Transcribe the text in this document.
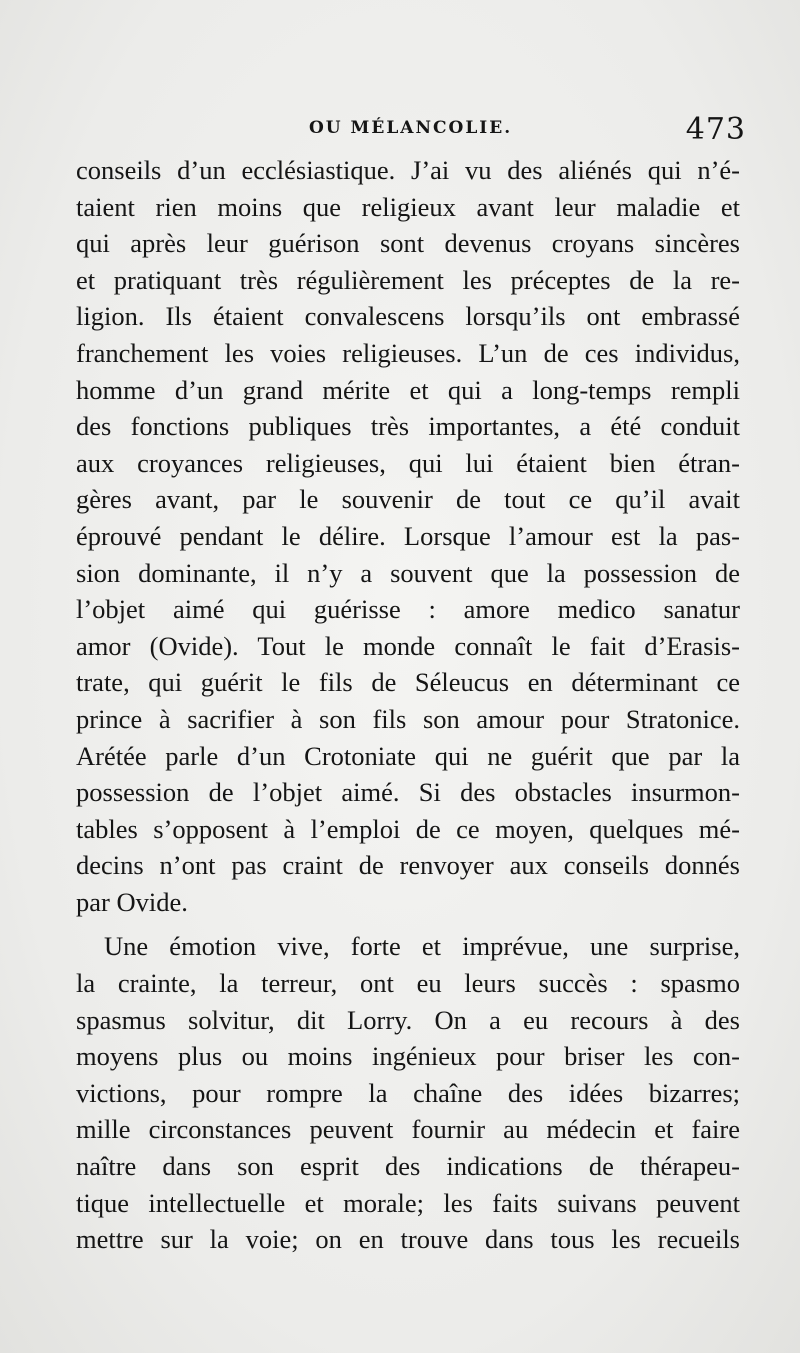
OU MÉLANCOLIE.	473
conseils d’un ecclésiastique. J’ai vu des aliénés qui n’é-
taient rien moins que religieux avant leur maladie et
qui après leur guérison sont devenus croyans sincères
et pratiquant très régulièrement les préceptes de la re-
ligion. Ils étaient convalescens lorsqu’ils ont embrassé
franchement les voies religieuses. L’un de ces individus,
homme d’un grand mérite et qui a long-temps rempli
des fonctions publiques très importantes, a été conduit
aux croyances religieuses, qui lui étaient bien étran-
gères avant, par le souvenir de tout ce qu’il avait
éprouvé pendant le délire. Lorsque l’amour est la pas-
sion dominante, il n’y a souvent que la possession de
l’objet aimé qui guérisse : amore medico sanatur
amor (Ovide). Tout le monde connaît le fait d’Erasis-
trate, qui guérit le fils de Séleucus en déterminant ce
prince à sacrifier à son fils son amour pour Stratonice.
Arétée parle d’un Crotoniate qui ne guérit que par la
possession de l’objet aimé. Si des obstacles insurmon-
tables s’opposent à l’emploi de ce moyen, quelques mé-
decins n’ont pas craint de renvoyer aux conseils donnés
par Ovide.
Une émotion vive, forte et imprévue, une surprise,
la crainte, la terreur, ont eu leurs succès : spasmo
spasmus solvitur, dit Lorry. On a eu recours à des
moyens plus ou moins ingénieux pour briser les con-
victions, pour rompre la chaîne des idées bizarres;
mille circonstances peuvent fournir au médecin et faire
naître dans son esprit des indications de thérapeu-
tique intellectuelle et morale; les faits suivans peuvent
mettre sur la voie; on en trouve dans tous les recueils
